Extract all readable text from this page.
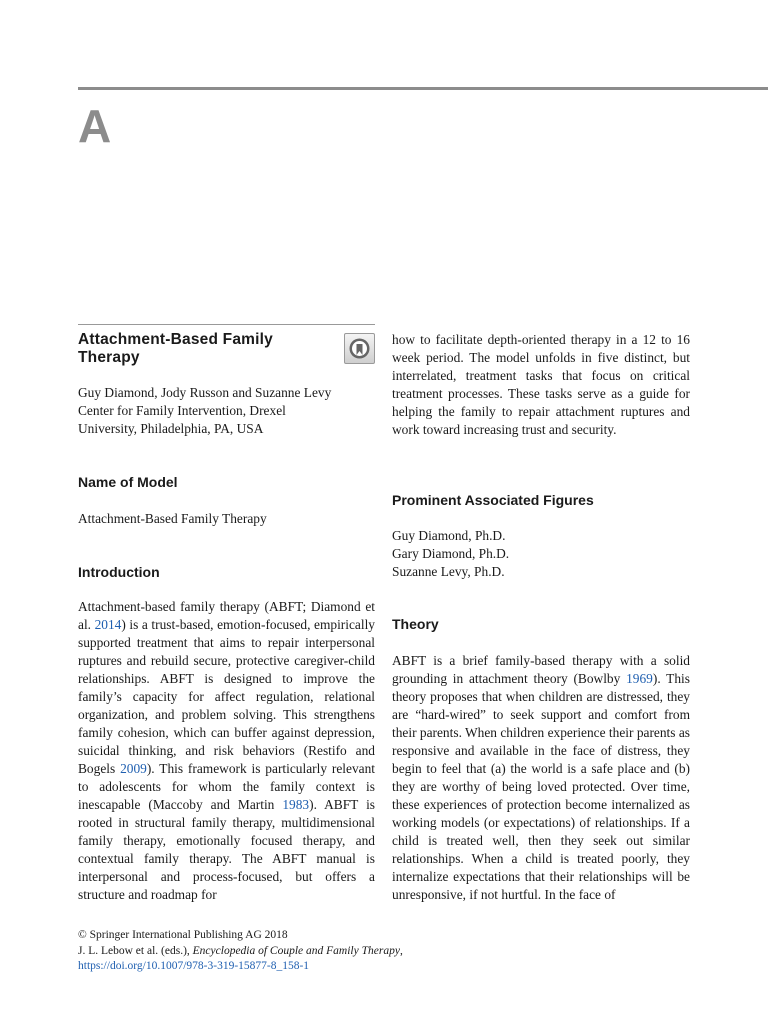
A
Attachment-Based Family Therapy
Guy Diamond, Jody Russon and Suzanne Levy
Center for Family Intervention, Drexel University, Philadelphia, PA, USA
Name of Model
Attachment-Based Family Therapy
Introduction
Attachment-based family therapy (ABFT; Diamond et al. 2014) is a trust-based, emotion-focused, empirically supported treatment that aims to repair interpersonal ruptures and rebuild secure, protective caregiver-child relationships. ABFT is designed to improve the family’s capacity for affect regulation, relational organization, and problem solving. This strengthens family cohesion, which can buffer against depression, suicidal thinking, and risk behaviors (Restifo and Bogels 2009). This framework is particularly relevant to adolescents for whom the family context is inescapable (Maccoby and Martin 1983). ABFT is rooted in structural family therapy, multidimensional family therapy, emotionally focused therapy, and contextual family therapy. The ABFT manual is interpersonal and process-focused, but offers a structure and roadmap for
how to facilitate depth-oriented therapy in a 12 to 16 week period. The model unfolds in five distinct, but interrelated, treatment tasks that focus on critical treatment processes. These tasks serve as a guide for helping the family to repair attachment ruptures and work toward increasing trust and security.
Prominent Associated Figures
Guy Diamond, Ph.D.
Gary Diamond, Ph.D.
Suzanne Levy, Ph.D.
Theory
ABFT is a brief family-based therapy with a solid grounding in attachment theory (Bowlby 1969). This theory proposes that when children are distressed, they are “hard-wired” to seek support and comfort from their parents. When children experience their parents as responsive and available in the face of distress, they begin to feel that (a) the world is a safe place and (b) they are worthy of being loved protected. Over time, these experiences of protection become internalized as working models (or expectations) of relationships. If a child is treated well, then they seek out similar relationships. When a child is treated poorly, they internalize expectations that their relationships will be unresponsive, if not hurtful. In the face of
© Springer International Publishing AG 2018
J. L. Lebow et al. (eds.), Encyclopedia of Couple and Family Therapy,
https://doi.org/10.1007/978-3-319-15877-8_158-1
